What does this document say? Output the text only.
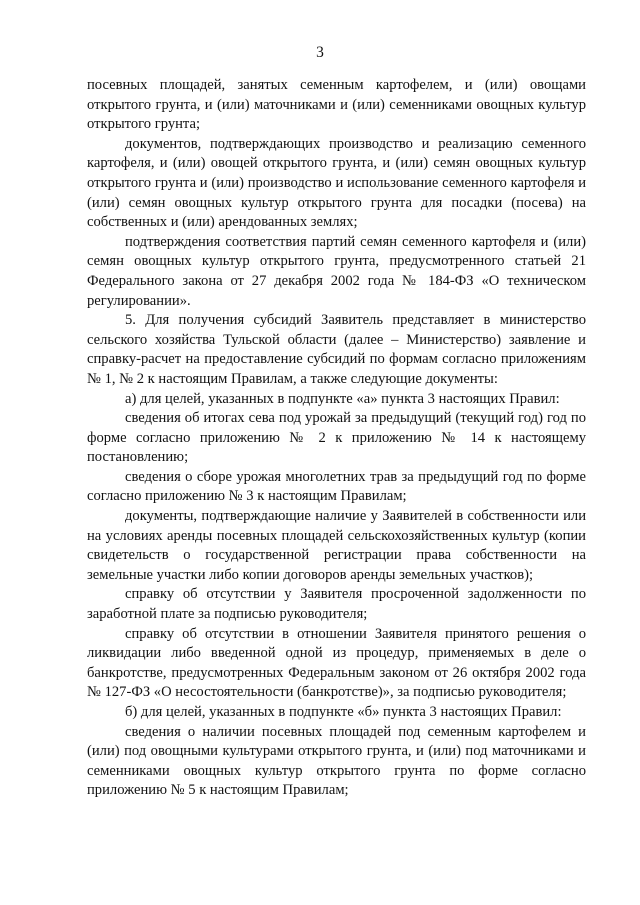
3

посевных площадей, занятых семенным картофелем, и (или) овощами открытого грунта, и (или) маточниками и (или) семенниками овощных культур открытого грунта;

документов, подтверждающих производство и реализацию семенного картофеля, и (или) овощей открытого грунта, и (или) семян овощных культур открытого грунта и (или) производство и использование семенного картофеля и (или) семян овощных культур открытого грунта для посадки (посева) на собственных и (или) арендованных землях;

подтверждения соответствия партий семян семенного картофеля и (или) семян овощных культур открытого грунта, предусмотренного статьей 21 Федерального закона от 27 декабря 2002 года № 184-ФЗ «О техническом регулировании».

5. Для получения субсидий Заявитель представляет в министерство сельского хозяйства Тульской области (далее – Министерство) заявление и справку-расчет на предоставление субсидий по формам согласно приложениям № 1, № 2 к настоящим Правилам, а также следующие документы:

а) для целей, указанных в подпункте «а» пункта 3 настоящих Правил:

сведения об итогах сева под урожай за предыдущий (текущий год) год по форме согласно приложению № 2 к приложению № 14 к настоящему постановлению;

сведения о сборе урожая многолетних трав за предыдущий год по форме согласно приложению № 3 к настоящим Правилам;

документы, подтверждающие наличие у Заявителей в собственности или на условиях аренды посевных площадей сельскохозяйственных культур (копии свидетельств о государственной регистрации права собственности на земельные участки либо копии договоров аренды земельных участков);

справку об отсутствии у Заявителя просроченной задолженности по заработной плате за подписью руководителя;

справку об отсутствии в отношении Заявителя принятого решения о ликвидации либо введенной одной из процедур, применяемых в деле о банкротстве, предусмотренных Федеральным законом от 26 октября 2002 года № 127-ФЗ «О несостоятельности (банкротстве)», за подписью руководителя;

б) для целей, указанных в подпункте «б» пункта 3 настоящих Правил:

сведения о наличии посевных площадей под семенным картофелем и (или) под овощными культурами открытого грунта, и (или) под маточниками и семенниками овощных культур открытого грунта по форме согласно приложению № 5 к настоящим Правилам;
